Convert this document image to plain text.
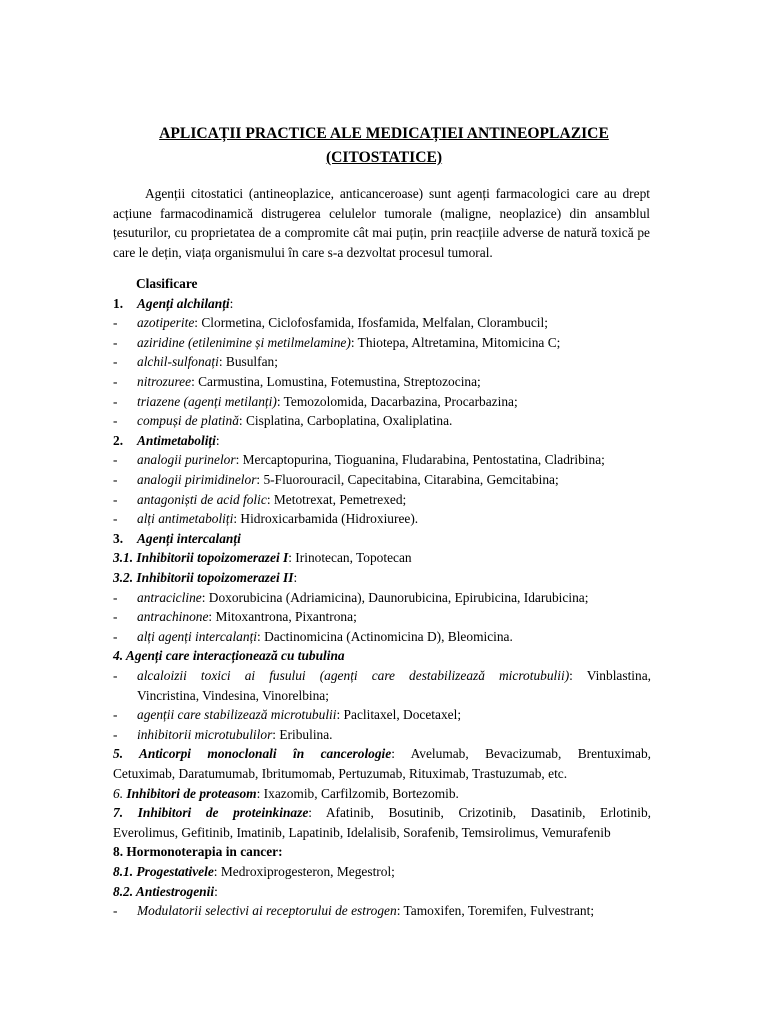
APLICAȚII PRACTICE ALE MEDICAȚIEI ANTINEOPLAZICE
(CITOSTATICE)
Agenții citostatici (antineoplazice, anticanceroase) sunt agenți farmacologici care au drept acțiune farmacodinamică distrugerea celulelor tumorale (maligne, neoplazice) din ansamblul țesuturilor, cu proprietatea de a compromite cât mai puțin, prin reacțiile adverse de natură toxică pe care le dețin, viața organismului în care s-a dezvoltat procesul tumoral.
Clasificare
1. Agenți alchilanți:
- azotiperite: Clormetina, Ciclofosfamida, Ifosfamida, Melfalan, Clorambucil;
- aziridine (etilenimine și metilmelamine): Thiotepa, Altretamina, Mitomicina C;
- alchil-sulfonați: Busulfan;
- nitrozuree: Carmustina, Lomustina, Fotemustina, Streptozocina;
- triazene (agenți metilanți): Temozolomida, Dacarbazina, Procarbazina;
- compuși de platină: Cisplatina, Carboplatina, Oxaliplatina.
2. Antimetaboliți:
- analogii purinelor: Mercaptopurina, Tioguanina, Fludarabina, Pentostatina, Cladribina;
- analogii pirimidinelor: 5-Fluorouracil, Capecitabina, Citarabina, Gemcitabina;
- antagoniști de acid folic: Metotrexat, Pemetrexed;
- alți antimetaboliți: Hidroxicarbamida (Hidroxiuree).
3. Agenți intercalanți
3.1. Inhibitorii topoizomerazei I: Irinotecan, Topotecan
3.2. Inhibitorii topoizomerazei II:
- antracicline: Doxorubicina (Adriamicina), Daunorubicina, Epirubicina, Idarubicina;
- antrachinone: Mitoxantrona, Pixantrona;
- alți agenți intercalanți: Dactinomicina (Actinomicina D), Bleomicina.
4. Agenți care interacționează cu tubulina
- alcaloizii toxici ai fusului (agenți care destabilizează microtubulii): Vinblastina,
Vincristina, Vindesina, Vinorelbina;
- agenții care stabilizează microtubulii: Paclitaxel, Docetaxel;
- inhibitorii microtubulilor: Eribulina.
5. Anticorpi monoclonali în cancerologie: Avelumab, Bevacizumab, Brentuximab,
Cetuximab, Daratumumab, Ibritumomab, Pertuzumab, Rituximab, Trastuzumab, etc.
6. Inhibitori de proteasom: Ixazomib, Carfilzomib, Bortezomib.
7. Inhibitori de proteinkinaze: Afatinib, Bosutinib, Crizotinib, Dasatinib, Erlotinib,
Everolimus, Gefitinib, Imatinib, Lapatinib, Idelalisib, Sorafenib, Temsirolimus, Vemurafenib
8. Hormonoterapia in cancer:
8.1. Progestativele: Medroxiprogesteron, Megestrol;
8.2. Antiestrogenii:
- Modulatorii selectivi ai receptorului de estrogen: Tamoxifen, Toremifen, Fulvestrant;
